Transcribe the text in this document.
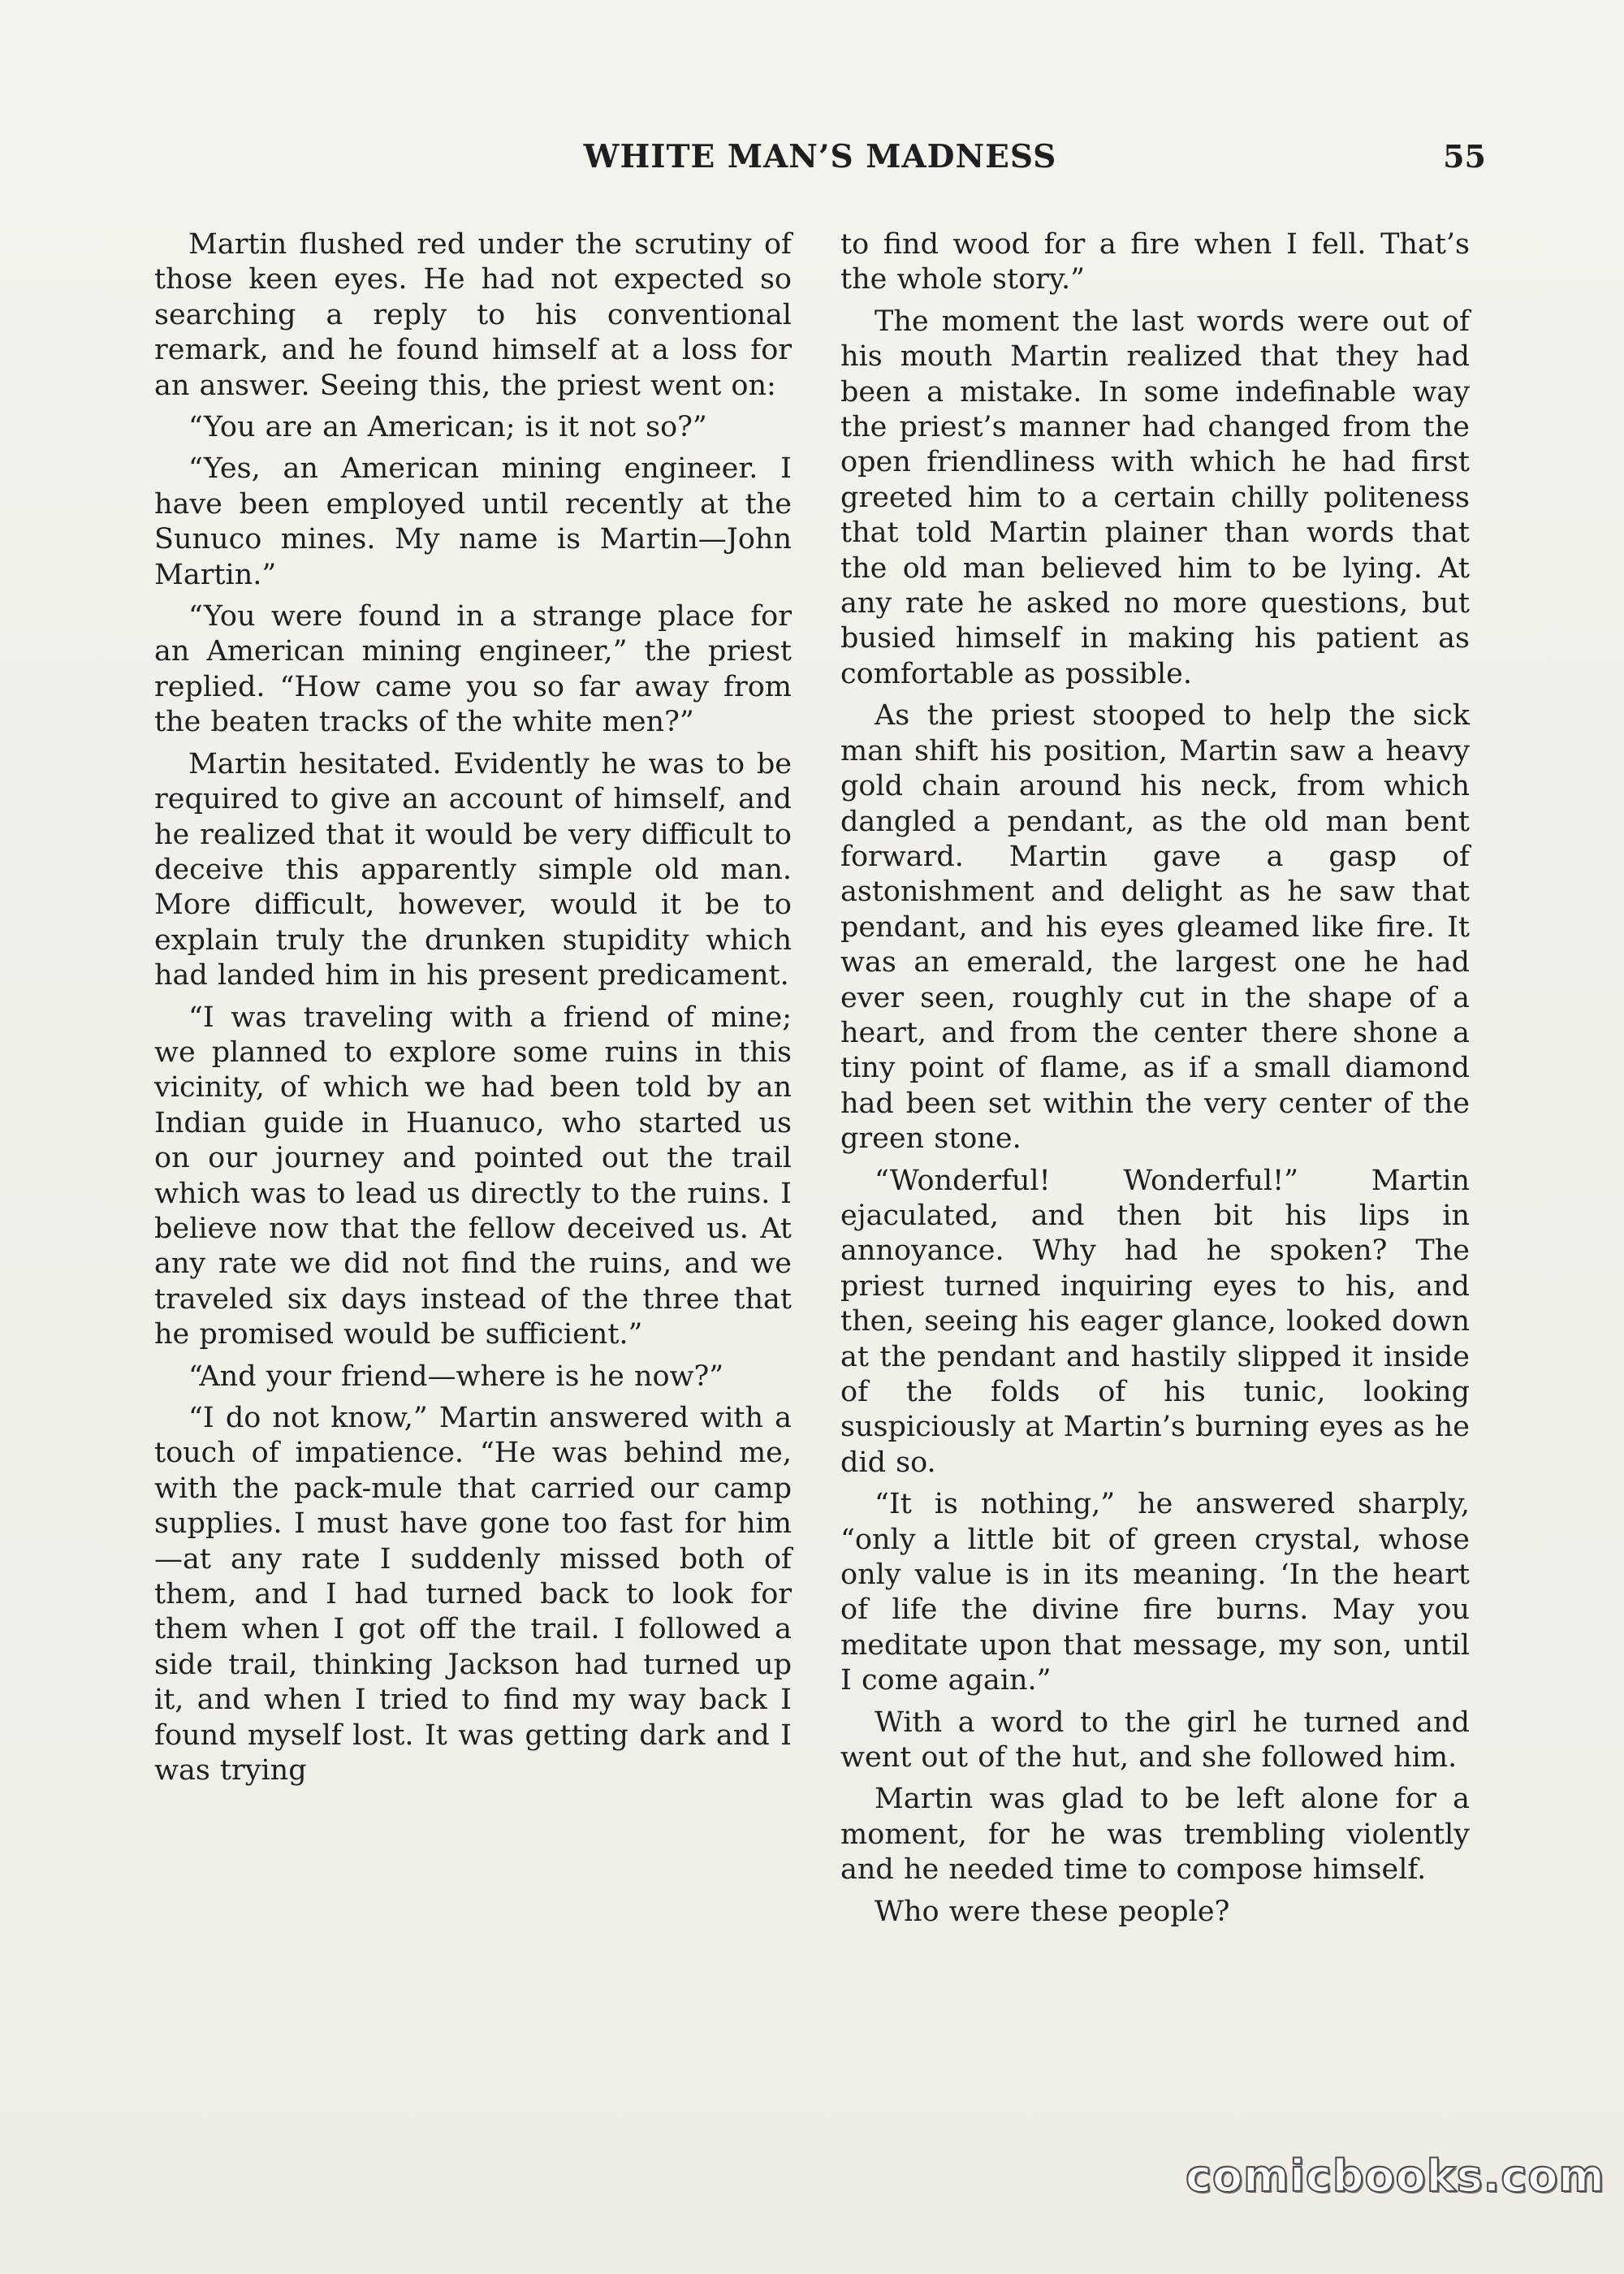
WHITE MAN’S MADNESS	55

Martin flushed red under the scrutiny of those keen eyes. He had not expected so searching a reply to his conventional remark, and he found himself at a loss for an answer. Seeing this, the priest went on:

“You are an American; is it not so?”

“Yes, an American mining engineer. I have been employed until recently at the Sunuco mines. My name is Martin—John Martin.”

“You were found in a strange place for an American mining engineer,” the priest replied. “How came you so far away from the beaten tracks of the white men?”

Martin hesitated. Evidently he was to be required to give an account of himself, and he realized that it would be very difficult to deceive this apparently simple old man. More difficult, however, would it be to explain truly the drunken stupidity which had landed him in his present predicament.

“I was traveling with a friend of mine; we planned to explore some ruins in this vicinity, of which we had been told by an Indian guide in Huanuco, who started us on our journey and pointed out the trail which was to lead us directly to the ruins. I believe now that the fellow deceived us. At any rate we did not find the ruins, and we traveled six days instead of the three that he promised would be sufficient.”

“And your friend—where is he now?”

“I do not know,” Martin answered with a touch of impatience. “He was behind me, with the pack-mule that carried our camp supplies. I must have gone too fast for him—at any rate I suddenly missed both of them, and I had turned back to look for them when I got off the trail. I followed a side trail, thinking Jackson had turned up it, and when I tried to find my way back I found myself lost. It was getting dark and I was trying

to find wood for a fire when I fell. That’s the whole story.”

The moment the last words were out of his mouth Martin realized that they had been a mistake. In some indefinable way the priest’s manner had changed from the open friendliness with which he had first greeted him to a certain chilly politeness that told Martin plainer than words that the old man believed him to be lying. At any rate he asked no more questions, but busied himself in making his patient as comfortable as possible.

As the priest stooped to help the sick man shift his position, Martin saw a heavy gold chain around his neck, from which dangled a pendant, as the old man bent forward. Martin gave a gasp of astonishment and delight as he saw that pendant, and his eyes gleamed like fire. It was an emerald, the largest one he had ever seen, roughly cut in the shape of a heart, and from the center there shone a tiny point of flame, as if a small diamond had been set within the very center of the green stone.

“Wonderful! Wonderful!” Martin ejaculated, and then bit his lips in annoyance. Why had he spoken? The priest turned inquiring eyes to his, and then, seeing his eager glance, looked down at the pendant and hastily slipped it inside of the folds of his tunic, looking suspiciously at Martin’s burning eyes as he did so.

“It is nothing,” he answered sharply, “only a little bit of green crystal, whose only value is in its meaning. ‘In the heart of life the divine fire burns. May you meditate upon that message, my son, until I come again.”

With a word to the girl he turned and went out of the hut, and she followed him.

Martin was glad to be left alone for a moment, for he was trembling violently and he needed time to compose himself.

Who were these people?

comicbooks.com
